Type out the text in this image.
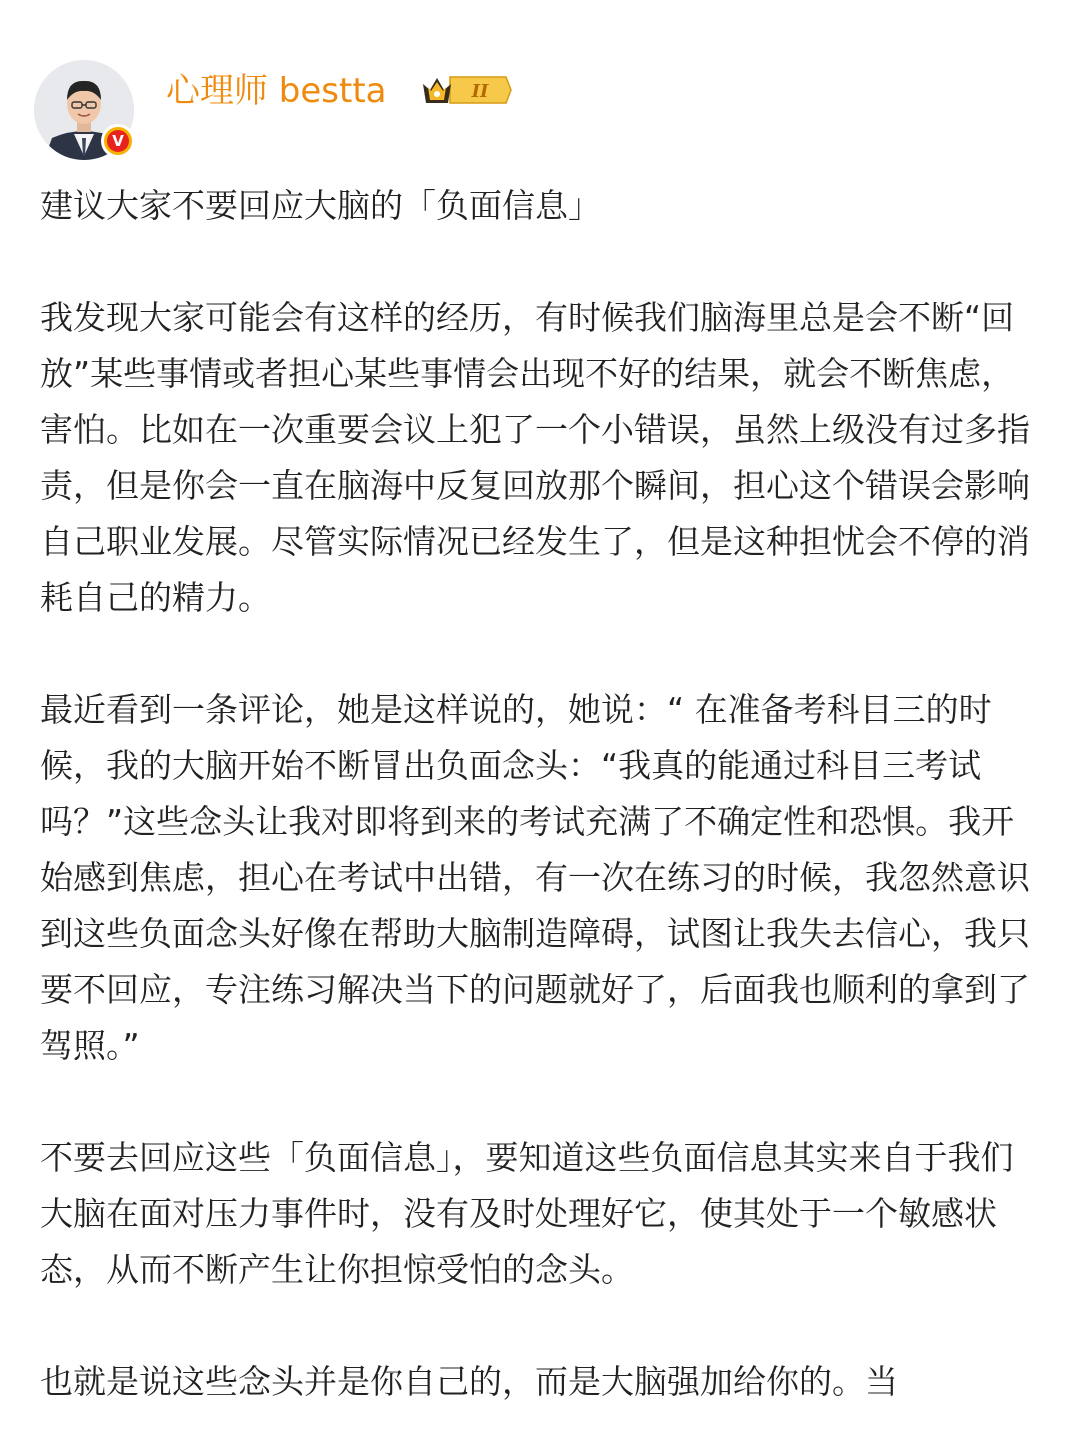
V
心理师 bestta	II

建议大家不要回应大脑的「负面信息」

我发现大家可能会有这样的经历，有时候我们脑海里总是会不断“回放”某些事情或者担心某些事情会出现不好的结果，就会不断焦虑，害怕。比如在一次重要会议上犯了一个小错误，虽然上级没有过多指责，但是你会一直在脑海中反复回放那个瞬间，担心这个错误会影响自己职业发展。尽管实际情况已经发生了，但是这种担忧会不停的消耗自己的精力。

最近看到一条评论，她是这样说的，她说：“ 在准备考科目三的时候，我的大脑开始不断冒出负面念头：“我真的能通过科目三考试吗？”这些念头让我对即将到来的考试充满了不确定性和恐惧。我开始感到焦虑，担心在考试中出错，有一次在练习的时候，我忽然意识到这些负面念头好像在帮助大脑制造障碍，试图让我失去信心，我只要不回应，专注练习解决当下的问题就好了，后面我也顺利的拿到了驾照。”

不要去回应这些「负面信息」，要知道这些负面信息其实来自于我们大脑在面对压力事件时，没有及时处理好它，使其处于一个敏感状态，从而不断产生让你担惊受怕的念头。

也就是说这些念头并是你自己的，而是大脑强加给你的。当
